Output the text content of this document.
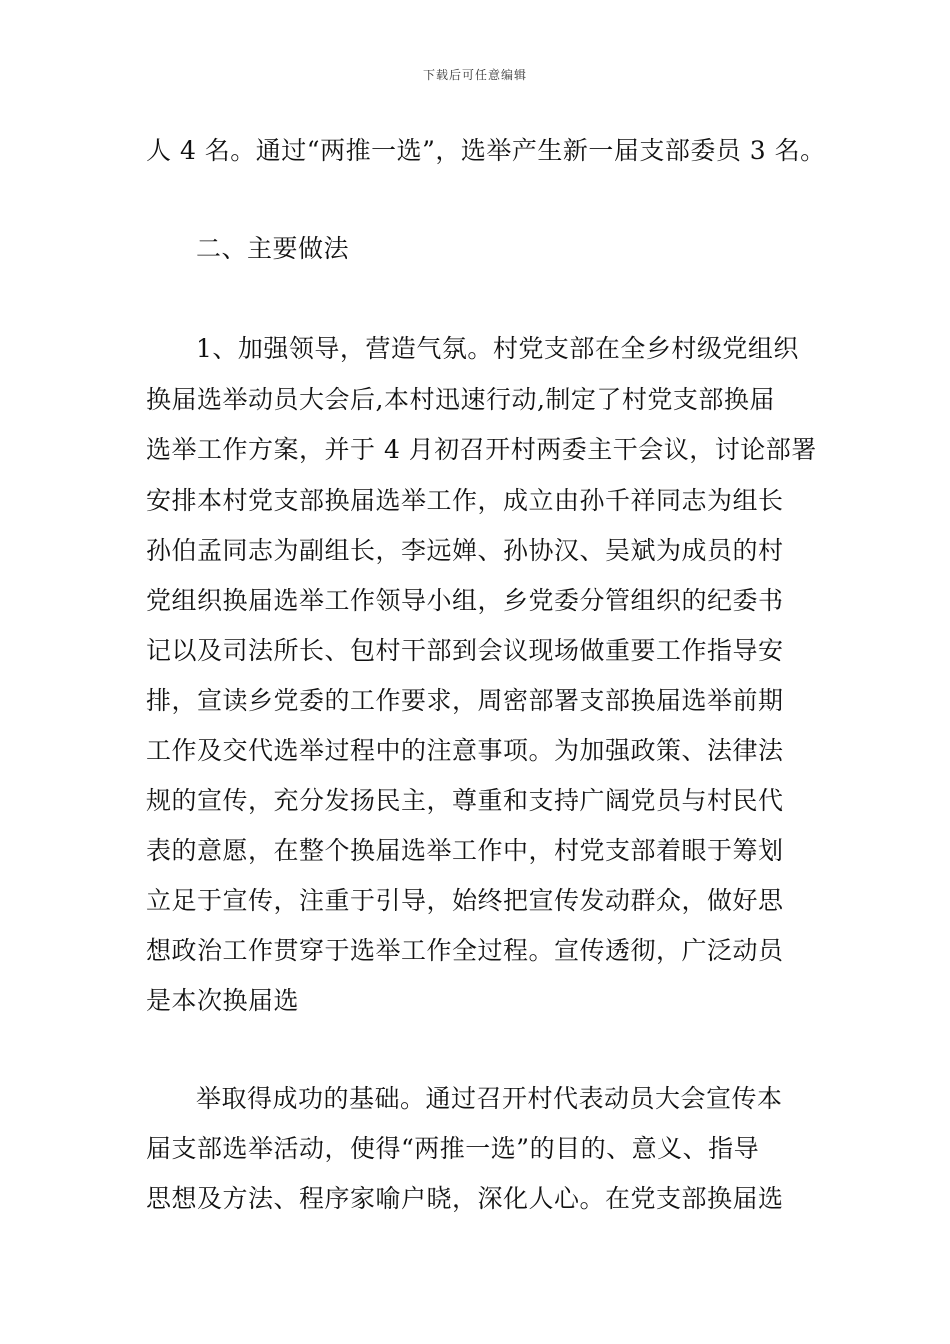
下载后可任意编辑
人 4 名。通过“两推一选”，选举产生新一届支部委员 3 名。
二、主要做法
1、加强领导，营造气氛。村党支部在全乡村级党组织
换届选举动员大会后,本村迅速行动,制定了村党支部换届
选举工作方案，并于 4 月初召开村两委主干会议，讨论部署
安排本村党支部换届选举工作，成立由孙千祥同志为组长
孙伯孟同志为副组长，李远婵、孙协汉、吴斌为成员的村
党组织换届选举工作领导小组，乡党委分管组织的纪委书
记以及司法所长、包村干部到会议现场做重要工作指导安
排，宣读乡党委的工作要求，周密部署支部换届选举前期
工作及交代选举过程中的注意事项。为加强政策、法律法
规的宣传，充分发扬民主，尊重和支持广阔党员与村民代
表的意愿，在整个换届选举工作中，村党支部着眼于筹划
立足于宣传，注重于引导，始终把宣传发动群众，做好思
想政治工作贯穿于选举工作全过程。宣传透彻，广泛动员
是本次换届选
举取得成功的基础。通过召开村代表动员大会宣传本
届支部选举活动，使得“两推一选”的目的、意义、指导
思想及方法、程序家喻户晓，深化人心。在党支部换届选
